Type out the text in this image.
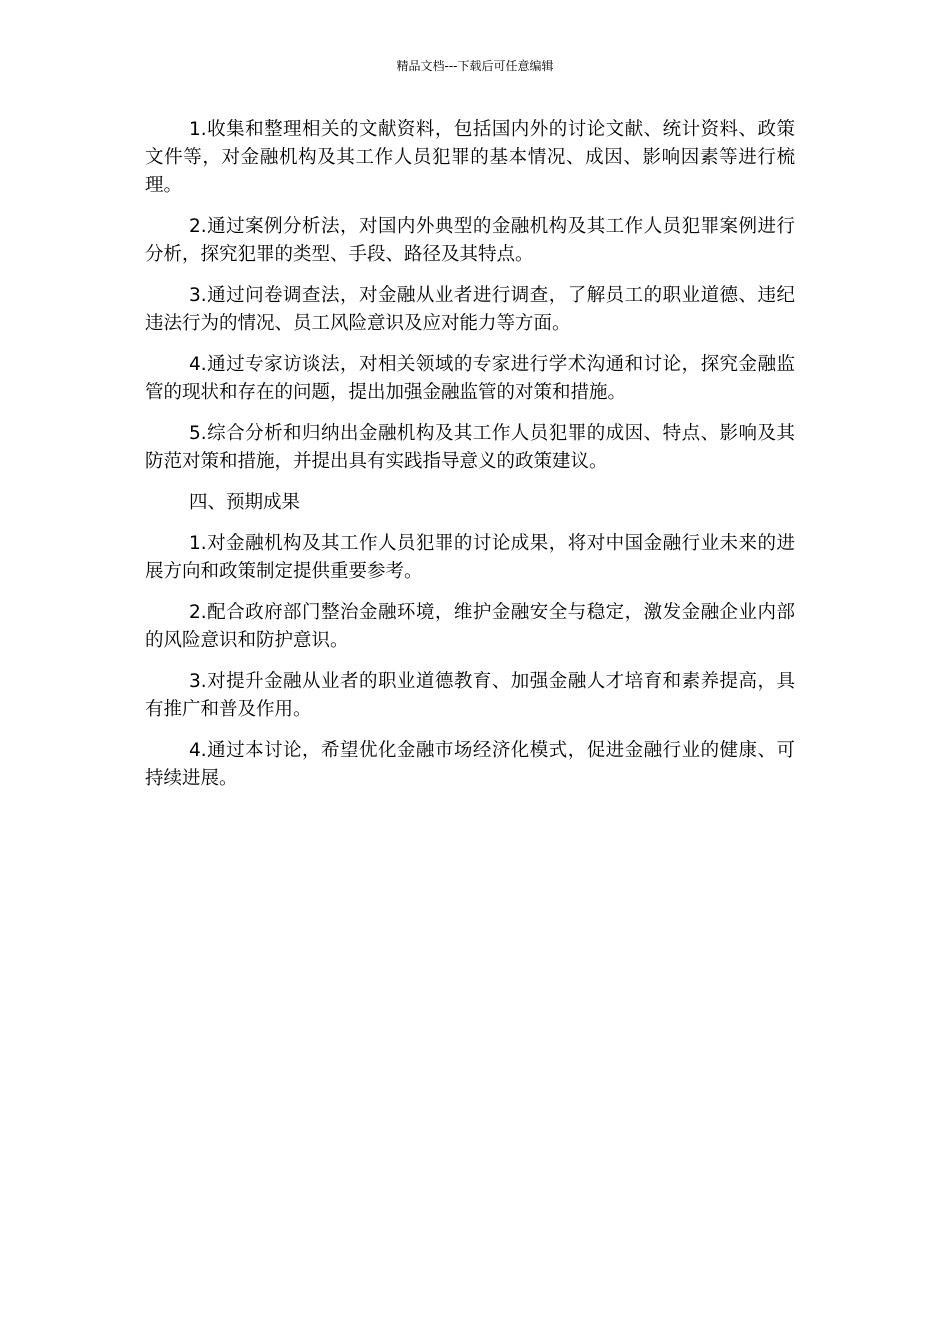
精品文档---下载后可任意编辑

1.收集和整理相关的文献资料，包括国内外的讨论文献、统计资料、政策文件等，对金融机构及其工作人员犯罪的基本情况、成因、影响因素等进行梳理。

2.通过案例分析法，对国内外典型的金融机构及其工作人员犯罪案例进行分析，探究犯罪的类型、手段、路径及其特点。

3.通过问卷调查法，对金融从业者进行调查，了解员工的职业道德、违纪违法行为的情况、员工风险意识及应对能力等方面。

4.通过专家访谈法，对相关领域的专家进行学术沟通和讨论，探究金融监管的现状和存在的问题，提出加强金融监管的对策和措施。

5.综合分析和归纳出金融机构及其工作人员犯罪的成因、特点、影响及其防范对策和措施，并提出具有实践指导意义的政策建议。

四、预期成果

1.对金融机构及其工作人员犯罪的讨论成果，将对中国金融行业未来的进展方向和政策制定提供重要参考。

2.配合政府部门整治金融环境，维护金融安全与稳定，激发金融企业内部的风险意识和防护意识。

3.对提升金融从业者的职业道德教育、加强金融人才培育和素养提高，具有推广和普及作用。

4.通过本讨论，希望优化金融市场经济化模式，促进金融行业的健康、可持续进展。
